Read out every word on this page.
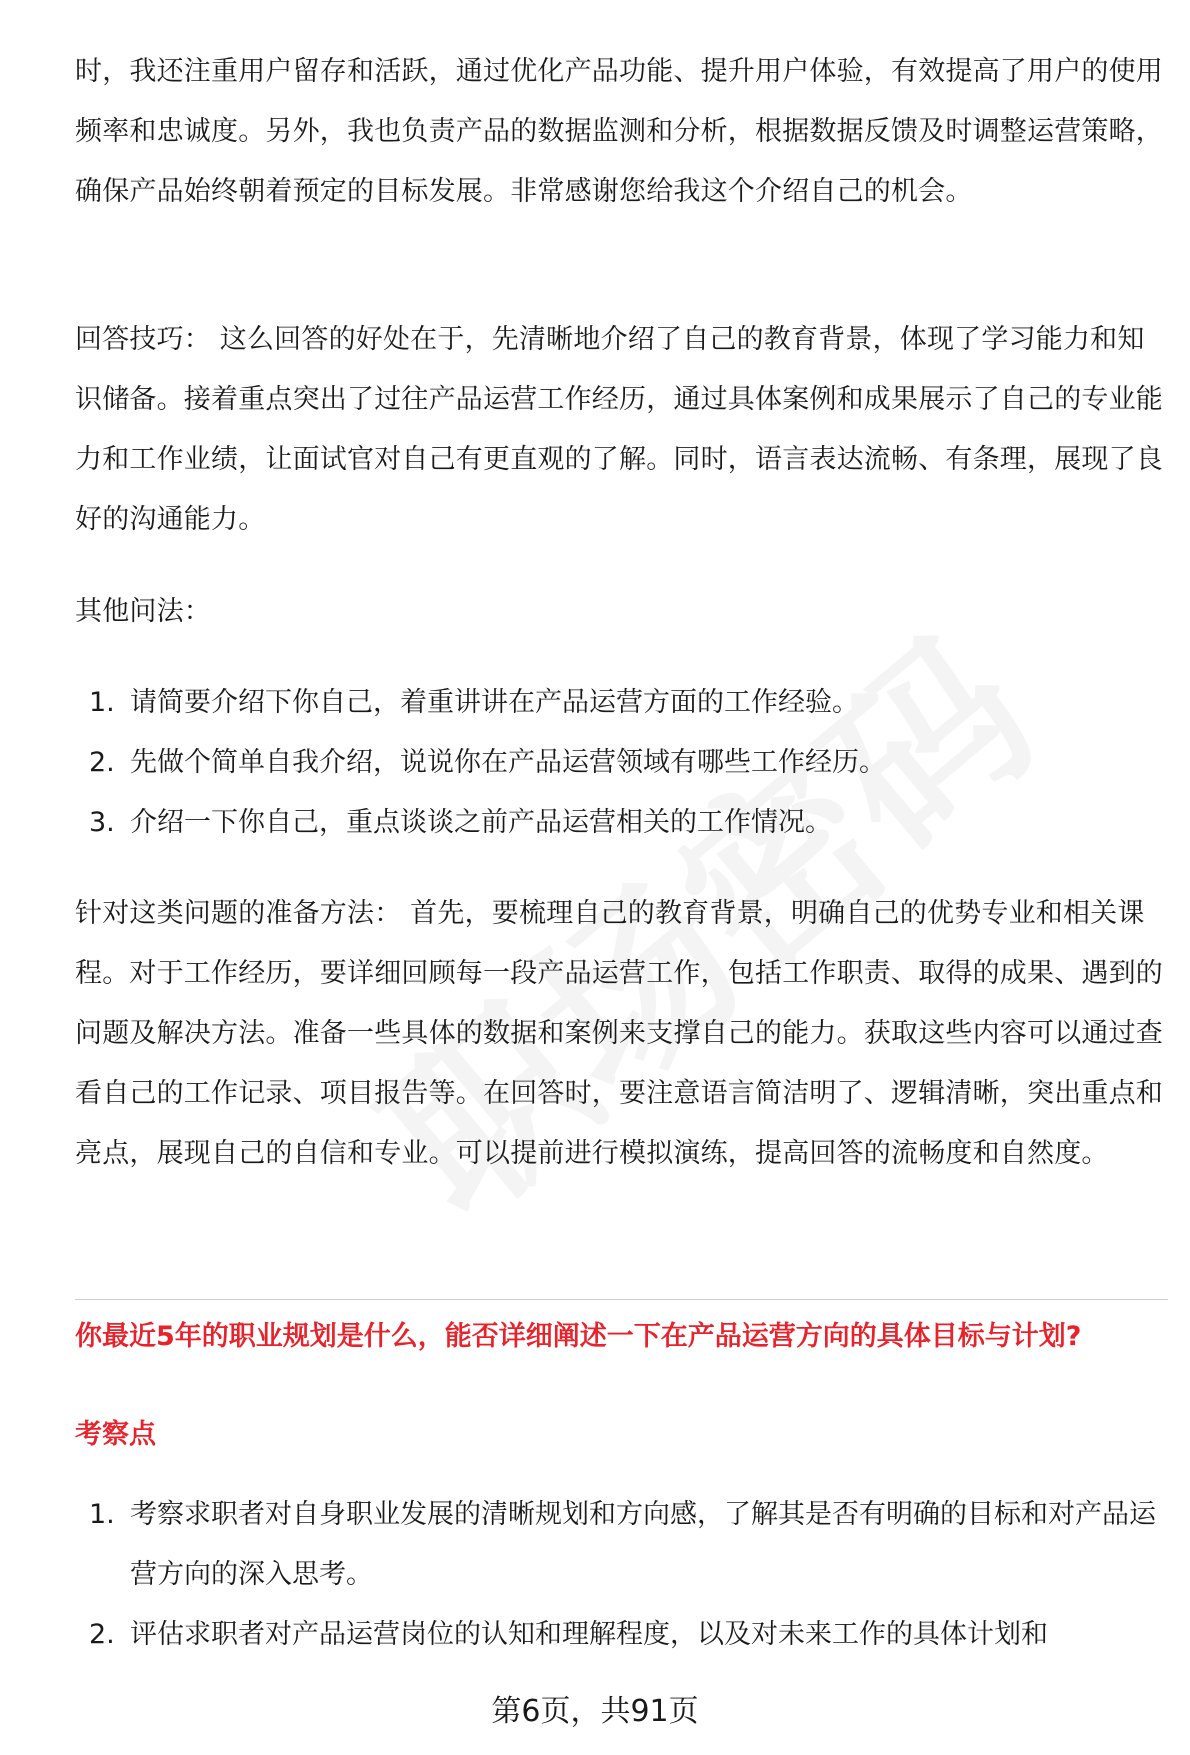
时，我还注重用户留存和活跃，通过优化产品功能、提升用户体验，有效提高了用户的使用频率和忠诚度。另外，我也负责产品的数据监测和分析，根据数据反馈及时调整运营策略，确保产品始终朝着预定的目标发展。非常感谢您给我这个介绍自己的机会。

回答技巧： 这么回答的好处在于，先清晰地介绍了自己的教育背景，体现了学习能力和知识储备。接着重点突出了过往产品运营工作经历，通过具体案例和成果展示了自己的专业能力和工作业绩，让面试官对自己有更直观的了解。同时，语言表达流畅、有条理，展现了良好的沟通能力。

其他问法：

1. 请简要介绍下你自己，着重讲讲在产品运营方面的工作经验。
2. 先做个简单自我介绍，说说你在产品运营领域有哪些工作经历。
3. 介绍一下你自己，重点谈谈之前产品运营相关的工作情况。

针对这类问题的准备方法： 首先，要梳理自己的教育背景，明确自己的优势专业和相关课程。对于工作经历，要详细回顾每一段产品运营工作，包括工作职责、取得的成果、遇到的问题及解决方法。准备一些具体的数据和案例来支撑自己的能力。获取这些内容可以通过查看自己的工作记录、项目报告等。在回答时，要注意语言简洁明了、逻辑清晰，突出重点和亮点，展现自己的自信和专业。可以提前进行模拟演练，提高回答的流畅度和自然度。

你最近5年的职业规划是什么，能否详细阐述一下在产品运营方向的具体目标与计划?

考察点

1. 考察求职者对自身职业发展的清晰规划和方向感，了解其是否有明确的目标和对产品运营方向的深入思考。
2. 评估求职者对产品运营岗位的认知和理解程度，以及对未来工作的具体计划和
第6页，共91页
